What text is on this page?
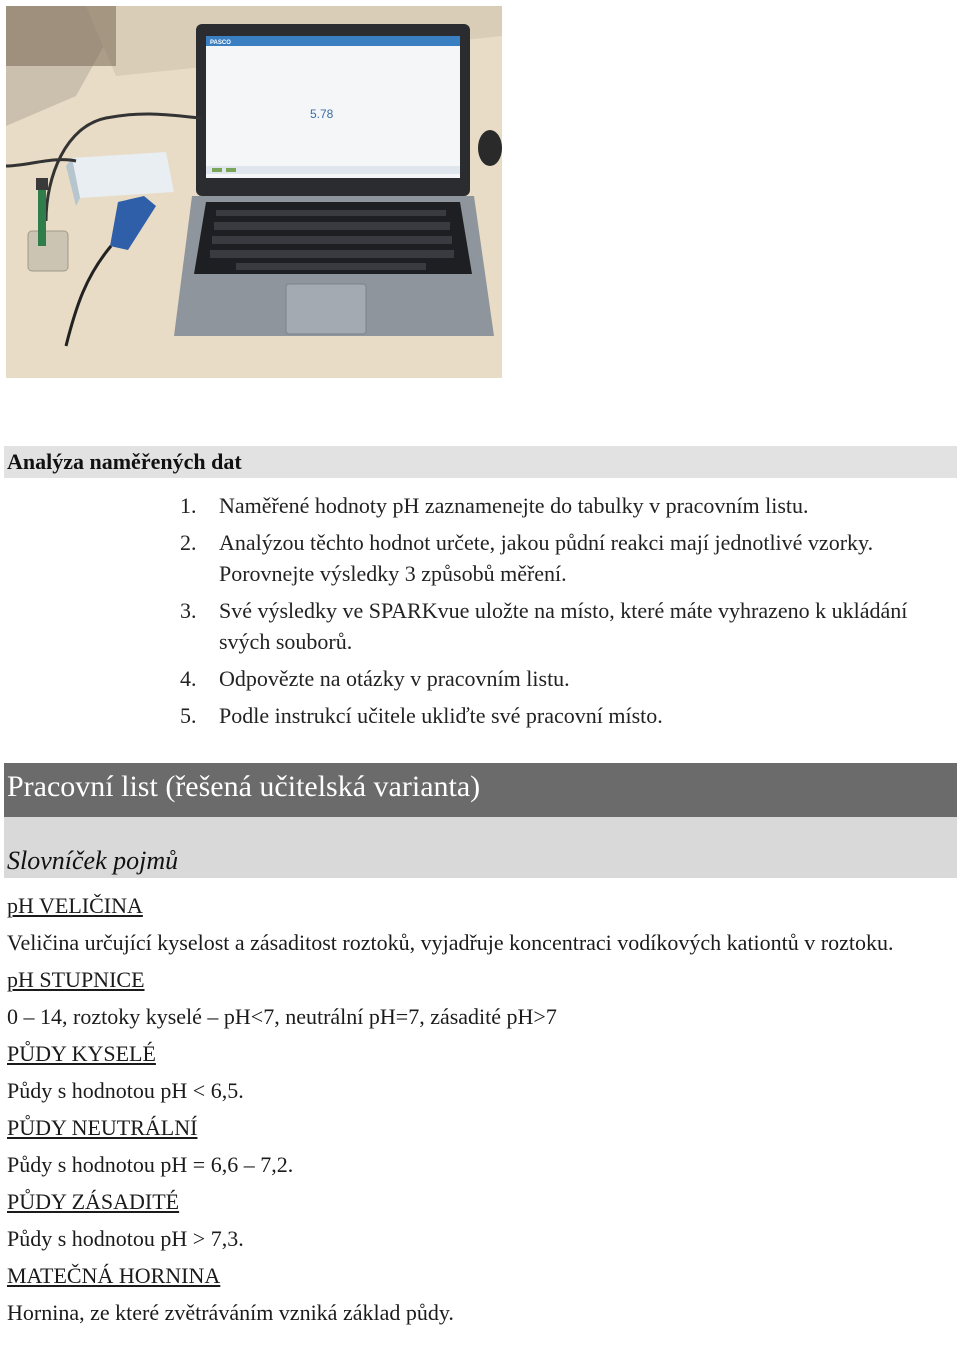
PASCO
5.78
Analýza naměřených dat
1.	Naměřené hodnoty pH zaznamenejte do tabulky v pracovním listu.
2.	Analýzou těchto hodnot určete, jakou půdní reakci mají jednotlivé vzorky. Porovnejte výsledky 3 způsobů měření.
3.	Své výsledky ve SPARKvue uložte na místo, které máte vyhrazeno k ukládání svých souborů.
4.	Odpovězte na otázky v pracovním listu.
5.	Podle instrukcí učitele ukliďte své pracovní místo.
Pracovní list (řešená učitelská varianta)
Slovníček pojmů

pH VELIČINA

Veličina určující kyselost a zásaditost roztoků, vyjadřuje koncentraci vodíkových kationtů v roztoku.

pH STUPNICE

0 – 14, roztoky kyselé – pH<7, neutrální pH=7, zásadité pH>7

PŮDY KYSELÉ

Půdy s hodnotou pH < 6,5.

PŮDY NEUTRÁLNÍ

Půdy s hodnotou pH = 6,6 – 7,2.

PŮDY ZÁSADITÉ

Půdy s hodnotou pH > 7,3.

MATEČNÁ HORNINA

Hornina, ze které zvětráváním vzniká základ půdy.
